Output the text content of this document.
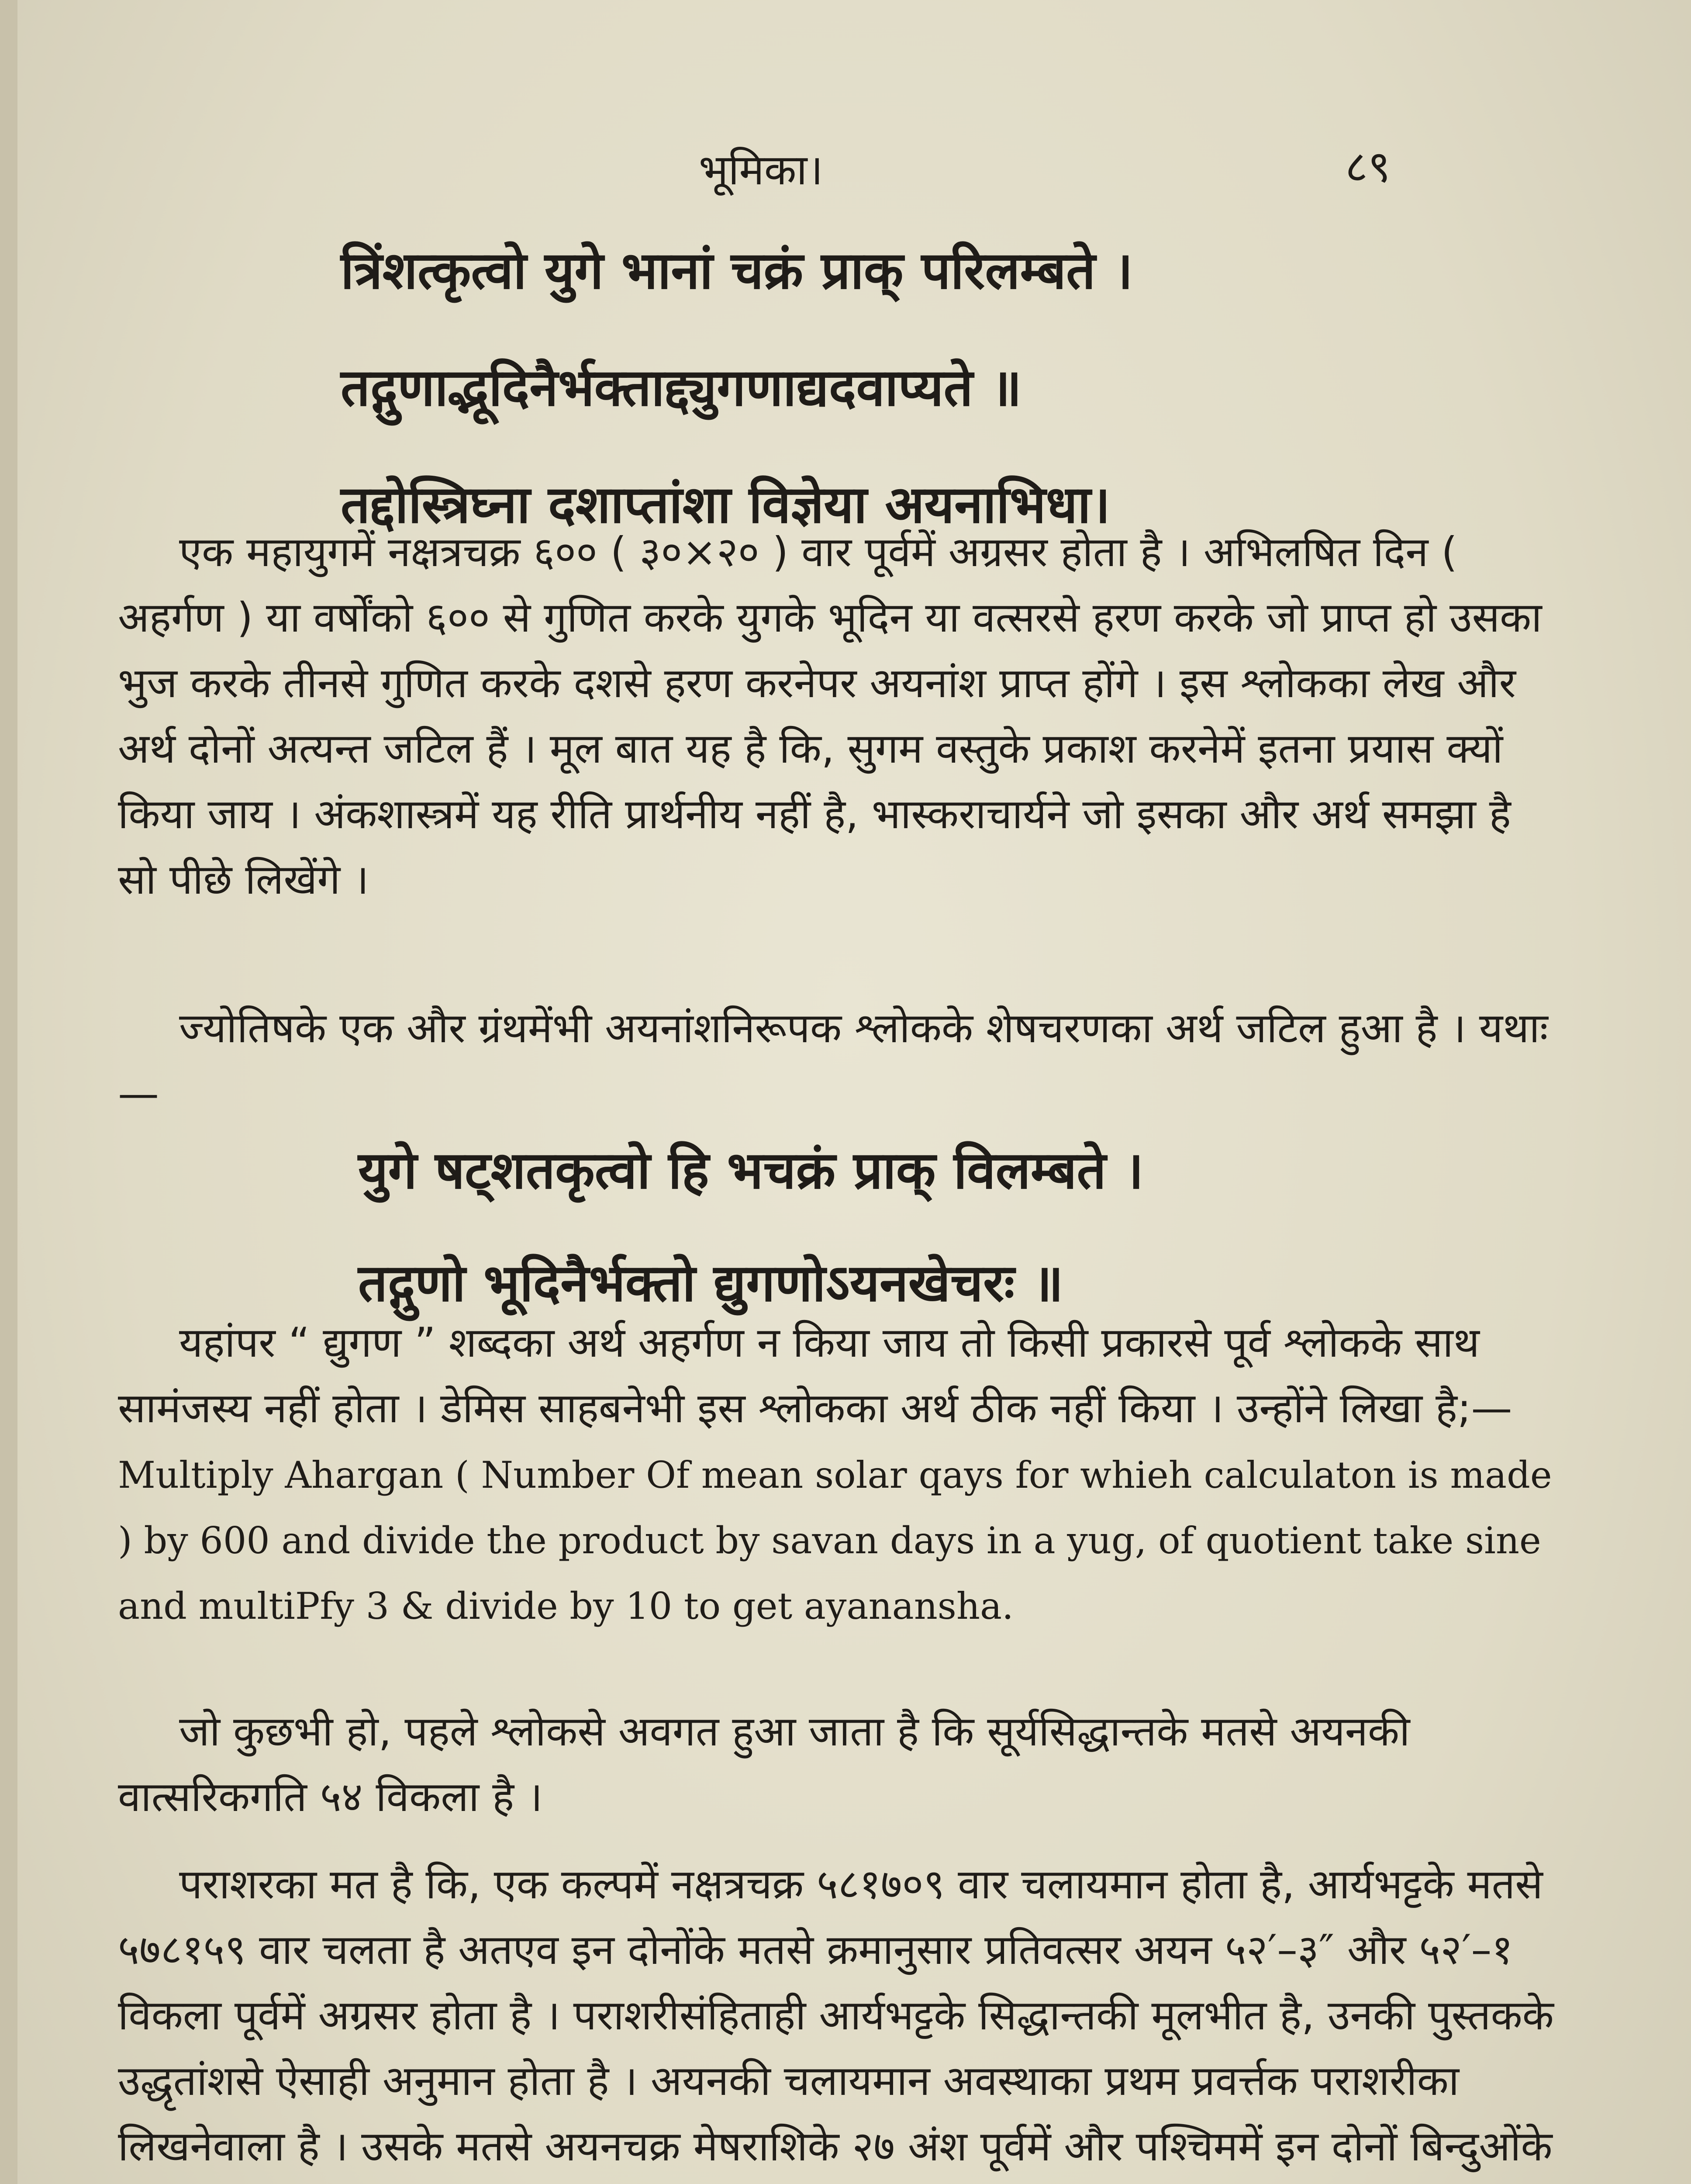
भूमिका।	८९
त्रिंशत्कृत्वो युगे भानां चक्रं प्राक् परिलम्बते ।
तद्गुणाद्भूदिनैर्भक्ताद्द्युगणाद्यदवाप्यते ॥
तद्दोस्त्रिघ्ना दशाप्तांशा विज्ञेया अयनाभिधा।

एक महायुगमें नक्षत्रचक्र ६०० ( ३०×२० ) वार पूर्वमें अग्रसर होता है । अभिलषित दिन ( अहर्गण ) या वर्षोंको ६०० से गुणित करके युगके भूदिन या वत्सरसे हरण करके जो प्राप्त हो उसका भुज करके तीनसे गुणित करके दशसे हरण करनेपर अयनांश प्राप्त होंगे । इस श्लोकका लेख और अर्थ दोनों अत्यन्त जटिल हैं । मूल बात यह है कि, सुगम वस्तुके प्रकाश करनेमें इतना प्रयास क्यों किया जाय । अंकशास्त्रमें यह रीति प्रार्थनीय नहीं है, भास्कराचार्यने जो इसका और अर्थ समझा है सो पीछे लिखेंगे ।

ज्योतिषके एक और ग्रंथमेंभी अयनांशनिरूपक श्लोकके शेषचरणका अर्थ जटिल हुआ है । यथाः—

युगे षट्शतकृत्वो हि भचक्रं प्राक् विलम्बते ।
तद्गुणो भूदिनैर्भक्तो द्युगणोऽयनखेचरः ॥

यहांपर “ द्युगण ” शब्दका अर्थ अहर्गण न किया जाय तो किसी प्रकारसे पूर्व श्लोकके साथ सामंजस्य नहीं होता । डेमिस साहबनेभी इस श्लोकका अर्थ ठीक नहीं किया । उन्होंने लिखा है;—Multiply Ahargan ( Number Of mean solar qays for whieh calculaton is made ) by 600 and divide the product by savan days in a yug, of quotient take sine and multiPfy 3 & divide by 10 to get ayanansha.

जो कुछभी हो, पहले श्लोकसे अवगत हुआ जाता है कि सूर्यसिद्धान्तके मतसे अयनकी वात्सरिकगति ५४ विकला है ।

पराशरका मत है कि, एक कल्पमें नक्षत्रचक्र ५८१७०९ वार चलायमान होता है, आर्यभट्टके मतसे ५७८१५९ वार चलता है अतएव इन दोनोंके मतसे क्रमानुसार प्रतिवत्सर अयन ५२′–३″ और ५२′–१ विकला पूर्वमें अग्रसर होता है । पराशरीसंहिताही आर्यभट्टके सिद्धान्तकी मूलभीत है, उनकी पुस्तकके उद्धृतांशसे ऐसाही अनुमान होता है । अयनकी चलायमान अवस्थाका प्रथम प्रवर्त्तक पराशरीका लिखनेवाला है । उसके मतसे अयनचक्र मेषराशिके २७ अंश पूर्वमें और पश्चिममें इन दोनों बिन्दुओंके
